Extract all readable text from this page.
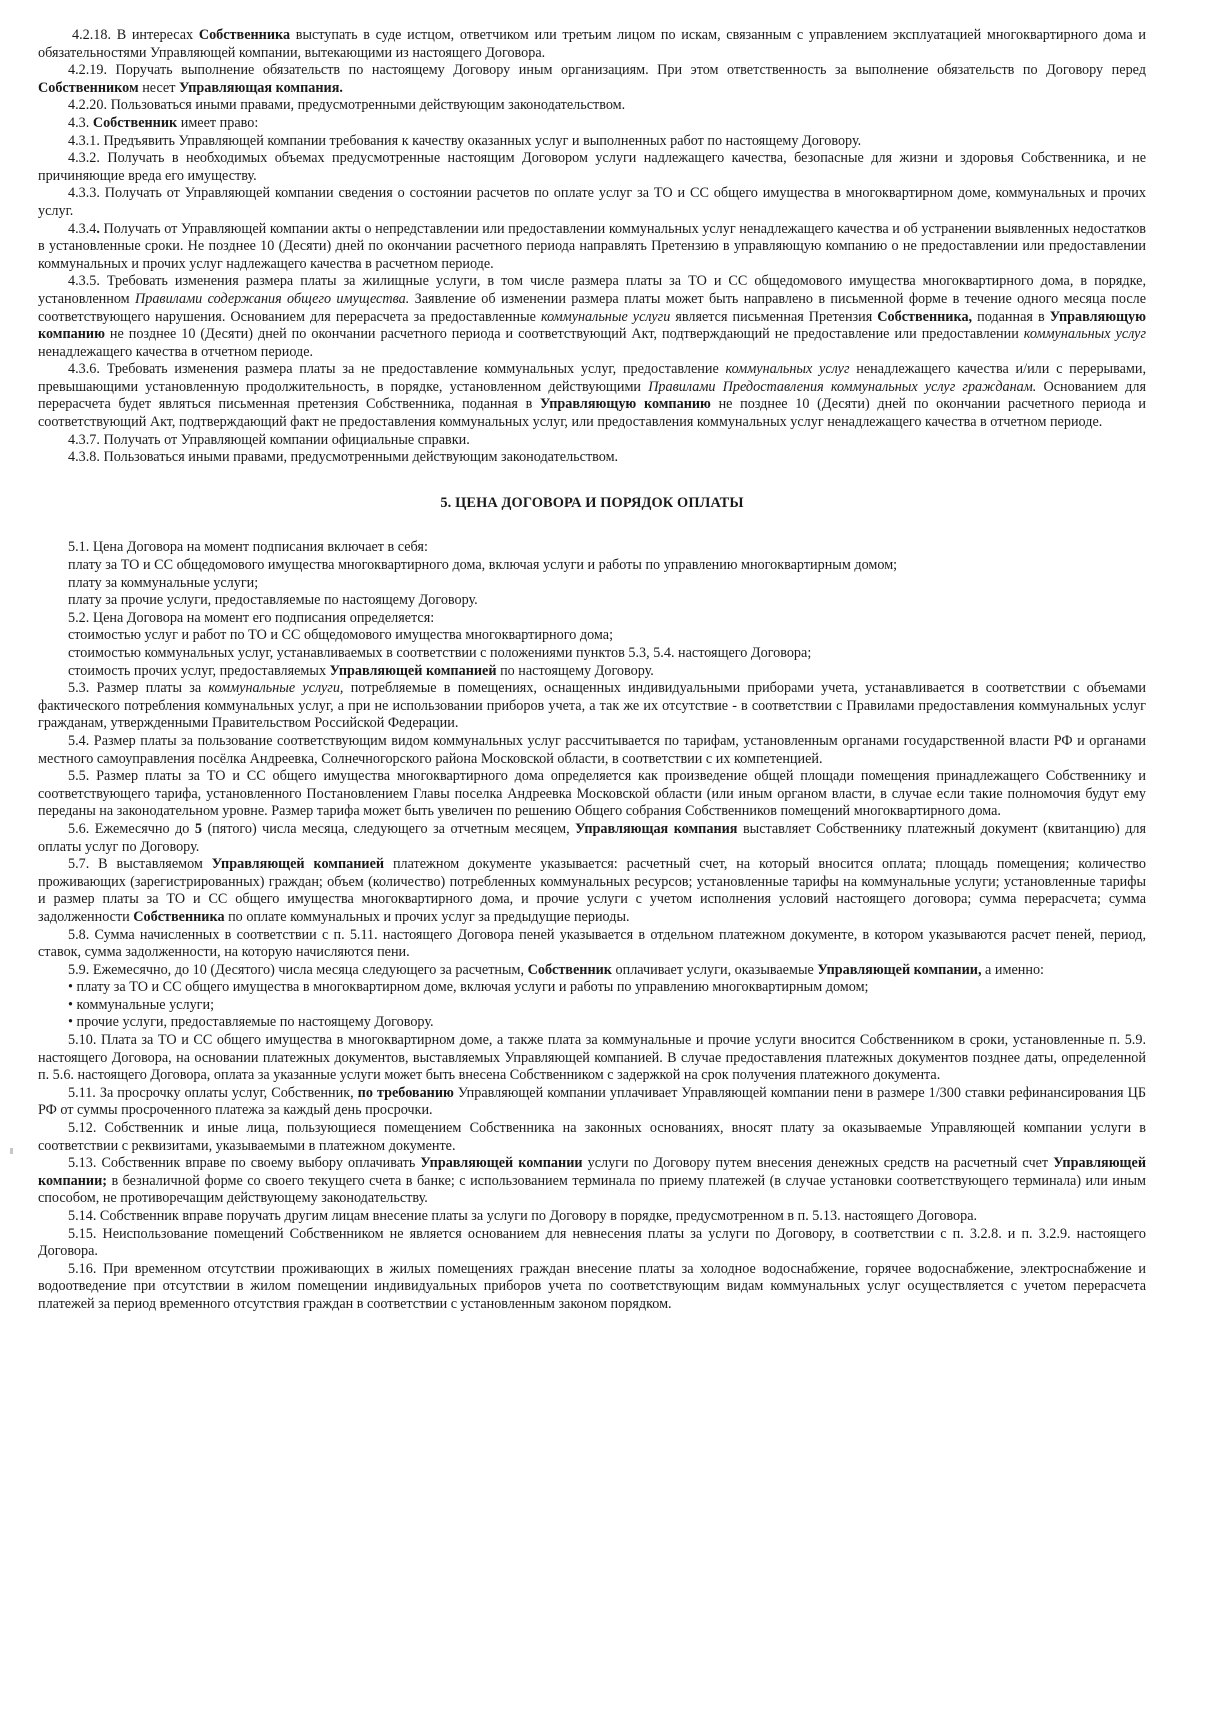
4.2.18. В интересах Собственника выступать в суде истцом, ответчиком или третьим лицом по искам, связанным с управлением эксплуатацией многоквартирного дома и обязательностями Управляющей компании, вытекающими из настоящего Договора.

4.2.19. Поручать выполнение обязательств по настоящему Договору иным организациям. При этом ответственность за выполнение обязательств по Договору перед Собственником несет Управляющая компания.

4.2.20. Пользоваться иными правами, предусмотренными действующим законодательством.

4.3. Собственник имеет право:

4.3.1. Предъявить Управляющей компании требования к качеству оказанных услуг и выполненных работ по настоящему Договору.

4.3.2. Получать в необходимых объемах предусмотренные настоящим Договором услуги надлежащего качества, безопасные для жизни и здоровья Собственника, и не причиняющие вреда его имуществу.

4.3.3. Получать от Управляющей компании сведения о состоянии расчетов по оплате услуг за ТО и СС общего имущества в многоквартирном доме, коммунальных и прочих услуг.

4.3.4. Получать от Управляющей компании акты о непредставлении или предоставлении коммунальных услуг ненадлежащего качества и об устранении выявленных недостатков в установленные сроки. Не позднее 10 (Десяти) дней по окончании расчетного периода направлять Претензию в управляющую компанию о не предоставлении или предоставлении коммунальных и прочих услуг надлежащего качества в расчетном периоде.

4.3.5. Требовать изменения размера платы за жилищные услуги, в том числе размера платы за ТО и СС общедомового имущества многоквартирного дома, в порядке, установленном Правилами содержания общего имущества. Заявление об изменении размера платы может быть направлено в письменной форме в течение одного месяца после соответствующего нарушения. Основанием для перерасчета за предоставленные коммунальные услуги является письменная Претензия Собственника, поданная в Управляющую компанию не позднее 10 (Десяти) дней по окончании расчетного периода и соответствующий Акт, подтверждающий не предоставление или предоставлении коммунальных услуг ненадлежащего качества в отчетном периоде.

4.3.6. Требовать изменения размера платы за не предоставление коммунальных услуг, предоставление коммунальных услуг ненадлежащего качества и/или с перерывами, превышающими установленную продолжительность, в порядке, установленном действующими Правилами Предоставления коммунальных услуг гражданам. Основанием для перерасчета будет являться письменная претензия Собственника, поданная в Управляющую компанию не позднее 10 (Десяти) дней по окончании расчетного периода и соответствующий Акт, подтверждающий факт не предоставления коммунальных услуг, или предоставления коммунальных услуг ненадлежащего качества в отчетном периоде.

4.3.7. Получать от Управляющей компании официальные справки.

4.3.8. Пользоваться иными правами, предусмотренными действующим законодательством.

5. ЦЕНА ДОГОВОРА И ПОРЯДОК ОПЛАТЫ

5.1. Цена Договора на момент подписания включает в себя:

плату за ТО и СС общедомового имущества многоквартирного дома, включая услуги и работы по управлению многоквартирным домом;

плату за коммунальные услуги;

плату за прочие услуги, предоставляемые по настоящему Договору.

5.2. Цена Договора на момент его подписания определяется:

стоимостью услуг и работ по ТО и СС общедомового имущества многоквартирного дома;

стоимостью коммунальных услуг, устанавливаемых в соответствии с положениями пунктов 5.3, 5.4. настоящего Договора;

стоимость прочих услуг, предоставляемых Управляющей компанией по настоящему Договору.

5.3. Размер платы за коммунальные услуги, потребляемые в помещениях, оснащенных индивидуальными приборами учета, устанавливается в соответствии с объемами фактического потребления коммунальных услуг, а при не использовании приборов учета, а так же их отсутствие - в соответствии с Правилами предоставления коммунальных услуг гражданам, утвержденными Правительством Российской Федерации.

5.4. Размер платы за пользование соответствующим видом коммунальных услуг рассчитывается по тарифам, установленным органами государственной власти РФ и органами местного самоуправления посёлка Андреевка, Солнечногорского района Московской области, в соответствии с их компетенцией.

5.5. Размер платы за ТО и СС общего имущества многоквартирного дома определяется как произведение общей площади помещения принадлежащего Собственнику и соответствующего тарифа, установленного Постановлением Главы поселка Андреевка Московской области (или иным органом власти, в случае если такие полномочия будут ему переданы на законодательном уровне. Размер тарифа может быть увеличен по решению Общего собрания Собственников помещений многоквартирного дома.

5.6. Ежемесячно до 5 (пятого) числа месяца, следующего за отчетным месяцем, Управляющая компания выставляет Собственнику платежный документ (квитанцию) для оплаты услуг по Договору.

5.7. В выставляемом Управляющей компанией платежном документе указывается: расчетный счет, на который вносится оплата; площадь помещения; количество проживающих (зарегистрированных) граждан; объем (количество) потребленных коммунальных ресурсов; установленные тарифы на коммунальные услуги; установленные тарифы и размер платы за ТО и СС общего имущества многоквартирного дома, и прочие услуги с учетом исполнения условий настоящего договора; сумма перерасчета; сумма задолженности Собственника по оплате коммунальных и прочих услуг за предыдущие периоды.

5.8. Сумма начисленных в соответствии с п. 5.11. настоящего Договора пеней указывается в отдельном платежном документе, в котором указываются расчет пеней, период, ставок, сумма задолженности, на которую начисляются пени.

5.9. Ежемесячно, до 10 (Десятого) числа месяца следующего за расчетным, Собственник оплачивает услуги, оказываемые Управляющей компании, а именно:

• плату за ТО и СС общего имущества в многоквартирном доме, включая услуги и работы по управлению многоквартирным домом;

• коммунальные услуги;

• прочие услуги, предоставляемые по настоящему Договору.

5.10. Плата за ТО и СС общего имущества в многоквартирном доме, а также плата за коммунальные и прочие услуги вносится Собственником в сроки, установленные п. 5.9. настоящего Договора, на основании платежных документов, выставляемых Управляющей компанией. В случае предоставления платежных документов позднее даты, определенной п. 5.6. настоящего Договора, оплата за указанные услуги может быть внесена Собственником с задержкой на срок получения платежного документа.

5.11. За просрочку оплаты услуг, Собственник, по требованию Управляющей компании уплачивает Управляющей компании пени в размере 1/300 ставки рефинансирования ЦБ РФ от суммы просроченного платежа за каждый день просрочки.

5.12. Собственник и иные лица, пользующиеся помещением Собственника на законных основаниях, вносят плату за оказываемые Управляющей компании услуги в соответствии с реквизитами, указываемыми в платежном документе.

5.13. Собственник вправе по своему выбору оплачивать Управляющей компании услуги по Договору путем внесения денежных средств на расчетный счет Управляющей компании; в безналичной форме со своего текущего счета в банке; с использованием терминала по приему платежей (в случае установки соответствующего терминала) или иным способом, не противоречащим действующему законодательству.

5.14. Собственник вправе поручать другим лицам внесение платы за услуги по Договору в порядке, предусмотренном в п. 5.13. настоящего Договора.

5.15. Неиспользование помещений Собственником не является основанием для невнесения платы за услуги по Договору, в соответствии с п. 3.2.8. и п. 3.2.9. настоящего Договора.

5.16. При временном отсутствии проживающих в жилых помещениях граждан внесение платы за холодное водоснабжение, горячее водоснабжение, электроснабжение и водоотведение при отсутствии в жилом помещении индивидуальных приборов учета по соответствующим видам коммунальных услуг осуществляется с учетом перерасчета платежей за период временного отсутствия граждан в соответствии с установленным законом порядком.
